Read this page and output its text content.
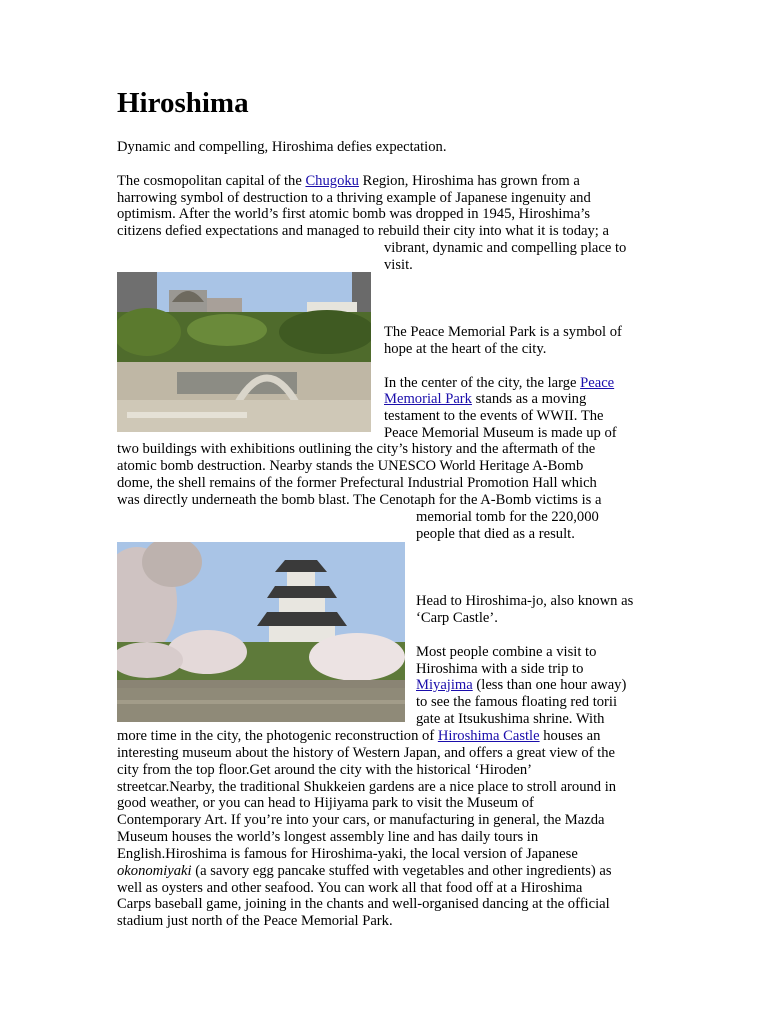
Hiroshima

Dynamic and compelling, Hiroshima defies expectation.

The cosmopolitan capital of the Chugoku Region, Hiroshima has grown from a

harrowing symbol of destruction to a thriving example of Japanese ingenuity and

optimism. After the world’s first atomic bomb was dropped in 1945, Hiroshima’s

citizens defied expectations and managed to rebuild their city into what it is today; a

vibrant, dynamic and compelling place to

visit.

The Peace Memorial Park is a symbol of

hope at the heart of the city.

In the center of the city, the large Peace

Memorial Park stands as a moving

testament to the events of WWII. The

Peace Memorial Museum is made up of

two buildings with exhibitions outlining the city’s history and the aftermath of the

atomic bomb destruction. Nearby stands the UNESCO World Heritage A-Bomb

dome, the shell remains of the former Prefectural Industrial Promotion Hall which

was directly underneath the bomb blast. The Cenotaph for the A-Bomb victims is a

memorial tomb for the 220,000

people that died as a result.

Head to Hiroshima-jo, also known as

‘Carp Castle’.

Most people combine a visit to

Hiroshima with a side trip to

Miyajima (less than one hour away)

to see the famous floating red torii

gate at Itsukushima shrine. With

more time in the city, the photogenic reconstruction of Hiroshima Castle houses an

interesting museum about the history of Western Japan, and offers a great view of the

city from the top floor.Get around the city with the historical ‘Hiroden’

streetcar.Nearby, the traditional Shukkeien gardens are a nice place to stroll around in

good weather, or you can head to Hijiyama park to visit the Museum of

Contemporary Art. If you’re into your cars, or manufacturing in general, the Mazda

Museum houses the world’s longest assembly line and has daily tours in

English.Hiroshima is famous for Hiroshima-yaki, the local version of Japanese

okonomiyaki (a savory egg pancake stuffed with vegetables and other ingredients) as

well as oysters and other seafood. You can work all that food off at a Hiroshima

Carps baseball game, joining in the chants and well-organised dancing at the official

stadium just north of the Peace Memorial Park.
